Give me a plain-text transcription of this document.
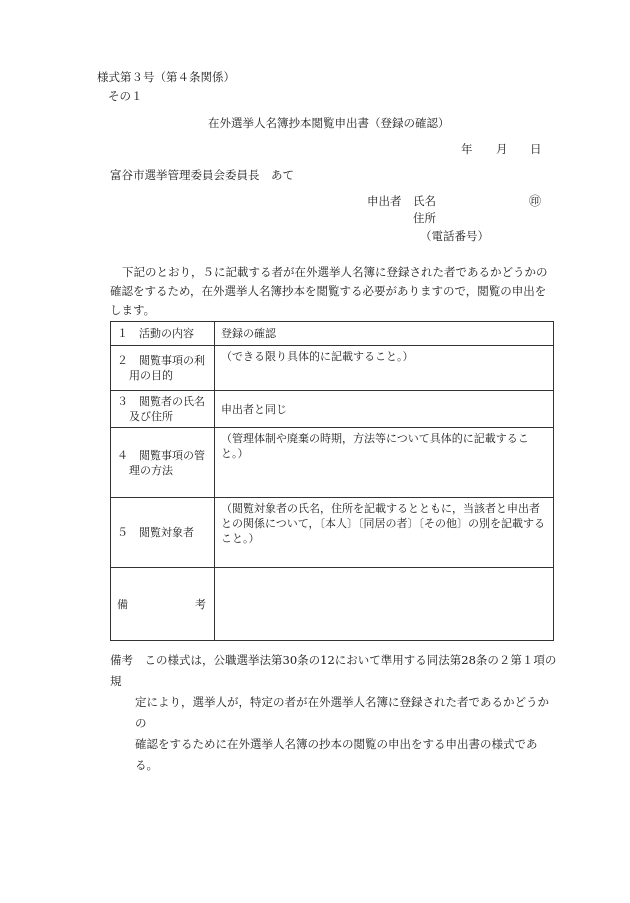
様式第３号（第４条関係）
その１
在外選挙人名簿抄本閲覧申出書（登録の確認）
年 月 日
富谷市選挙管理委員会委員長　あて
申出者 氏名	㊞
住所
（電話番号）
下記のとおり，５に記載する者が在外選挙人名簿に登録された者であるかどうかの確認をするため，在外選挙人名簿抄本を閲覧する必要がありますので，閲覧の申出をします。
１　活動の内容	登録の確認

２　閲覧事項の利用の目的	（できる限り具体的に記載すること。）

３　閲覧者の氏名及び住所	申出者と同じ

４　閲覧事項の管理の方法	（管理体制や廃棄の時期，方法等について具体的に記載すること。）
５　閲覧対象者	（閲覧対象者の氏名，住所を記載するとともに，当該者と申出者との関係について，〔本人〕〔同居の者〕〔その他〕の別を記載すること。）

備 考	

備考　 この様式は，公職選挙法第30条の12において準用する同法第28条の２第１項の規
定により，選挙人が，特定の者が在外選挙人名簿に登録された者であるかどうかの
確認をするために在外選挙人名簿の抄本の閲覧の申出をする申出書の様式である。
